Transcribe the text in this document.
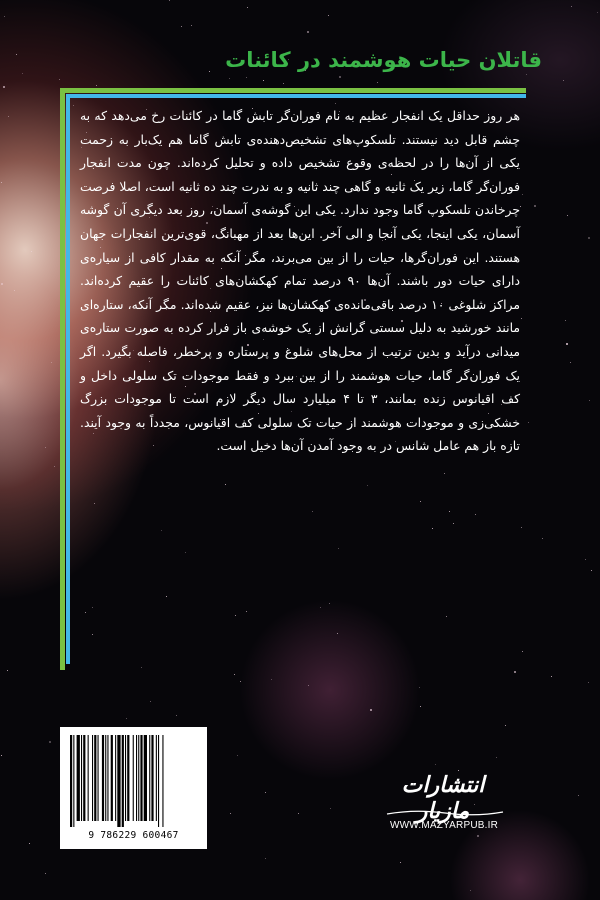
قاتلان حیات هوشمند در کائنات

هر روز حداقل یک انفجار عظیم به نام فوران‌گر تابش گاما در کائنات رخ می‌دهد که به چشم قابل دید نیستند. تلسکوپ‌های تشخیص‌دهنده‌ی تابش گاما هم یک‌بار به زحمت یکی از آن‌ها را در لحظه‌ی وقوع تشخیص داده و تحلیل کرده‌اند. چون مدت انفجار فوران‌گر گاما، زیر یک ثانیه و گاهی چند ثانیه و به ندرت چند ده ثانیه است، اصلا فرصت چرخاندن تلسکوپ گاما وجود ندارد. یکی این گوشه‌ی آسمان، روز بعد دیگری آن گوشه آسمان، یکی اینجا، یکی آنجا و الی آخر. این‌ها بعد از مهبانگ، قوی‌ترین انفجارات جهان هستند. این فوران‌گرها، حیات را از بین می‌برند، مگر آنکه به مقدار کافی از سیاره‌ی دارای حیات دور باشند. آن‌ها ۹۰ درصد تمام کهکشان‌های کائنات را عقیم کرده‌اند. مراکز شلوغی ۱۰ درصد باقی‌مانده‌ی کهکشان‌ها نیز، عقیم شده‌اند. مگر آنکه، ستاره‌ای مانند خورشید به دلیل سستی گرانش از یک خوشه‌ی باز فرار کرده به صورت ستاره‌ی میدانی درآید و بدین ترتیب از محل‌های شلوغ و پرستاره و پرخطر، فاصله بگیرد. اگر یک فوران‌گر گاما، حیات هوشمند را از بین ببرد و فقط موجودات تک سلولی داخل و کف اقیانوس زنده بمانند، ۳ تا ۴ میلیارد سال دیگر لازم است تا موجودات بزرگ خشکی‌زی و موجودات هوشمند از حیات تک سلولی کف اقیانوس، مجدداً به وجود آیند. تازه باز هم عامل شانس در به وجود آمدن آن‌ها دخیل است.

9 786229 600467
انتشارات مازیار
WWW.MAZYARPUB.IR
